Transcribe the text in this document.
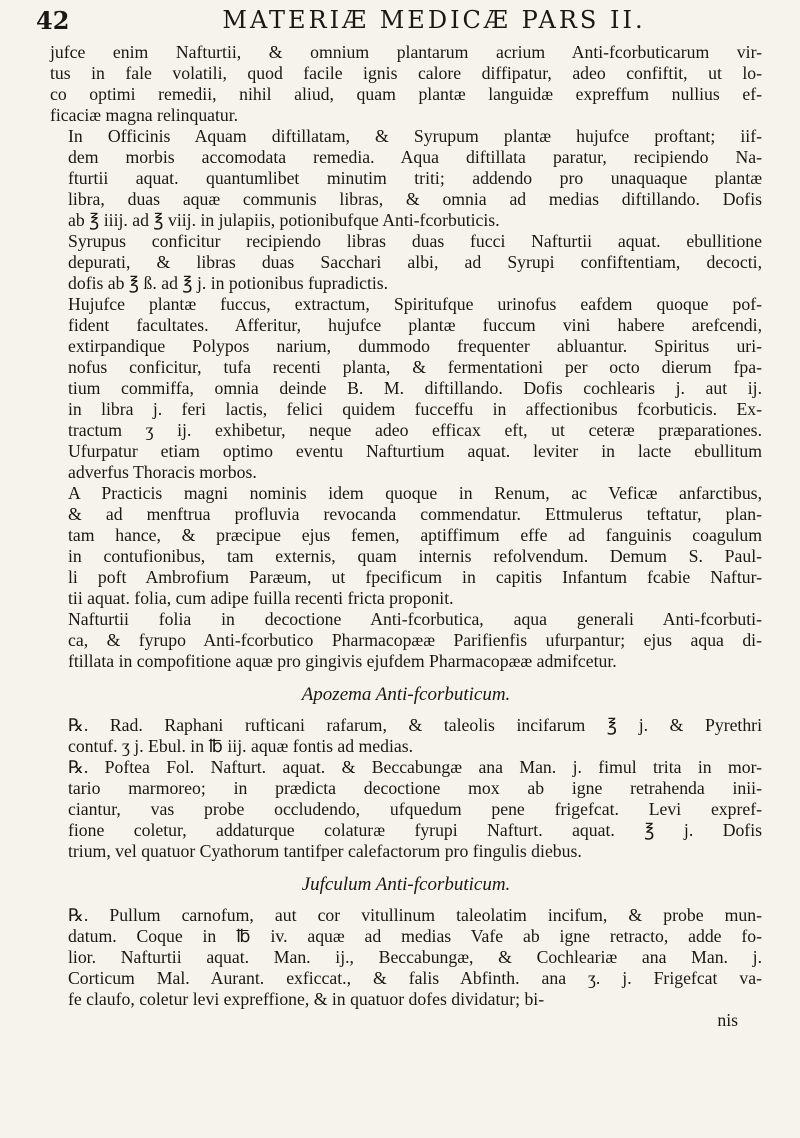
42	MATERIÆ MEDICÆ PARS II.
jufce enim Nafturtii, & omnium plantarum acrium Anti-fcorbuticarum vir-
tus in fale volatili, quod facile ignis calore diffipatur, adeo confiftit, ut lo-
co optimi remedii, nihil aliud, quam plantæ languidæ expreffum nullius ef-
ficaciæ magna relinquatur.
In Officinis Aquam diftillatam, & Syrupum plantæ hujufce proftant; iif-
dem morbis accomodata remedia. Aqua diftillata paratur, recipiendo Na-
fturtii aquat. quantumlibet minutim triti; addendo pro unaquaque plantæ
libra, duas aquæ communis libras, & omnia ad medias diftillando. Dofis
ab ℥ iiij. ad ℥ viij. in julapiis, potionibufque Anti-fcorbuticis.
Syrupus conficitur recipiendo libras duas fucci Nafturtii aquat. ebullitione
depurati, & libras duas Sacchari albi, ad Syrupi confiftentiam, decocti,
dofis ab ℥ ß. ad ℥ j. in potionibus fupradictis.
Hujufce plantæ fuccus, extractum, Spiritufque urinofus eafdem quoque pof-
fident facultates. Afferitur, hujufce plantæ fuccum vini habere arefcendi,
extirpandique Polypos narium, dummodo frequenter abluantur. Spiritus uri-
nofus conficitur, tufa recenti planta, & fermentationi per octo dierum fpa-
tium commiffa, omnia deinde B. M. diftillando. Dofis cochlearis j. aut ij.
in libra j. feri lactis, felici quidem fucceffu in affectionibus fcorbuticis. Ex-
tractum ʒ ij. exhibetur, neque adeo efficax eft, ut ceteræ præparationes.
Ufurpatur etiam optimo eventu Nafturtium aquat. leviter in lacte ebullitum
adverfus Thoracis morbos.
A Practicis magni nominis idem quoque in Renum, ac Veficæ anfarctibus,
& ad menftrua profluvia revocanda commendatur. Ettmulerus teftatur, plan-
tam hance, & præcipue ejus femen, aptiffimum effe ad fanguinis coagulum
in contufionibus, tam externis, quam internis refolvendum. Demum S. Paul-
li poft Ambrofium Paræum, ut fpecificum in capitis Infantum fcabie Naftur-
tii aquat. folia, cum adipe fuilla recenti fricta proponit.
Nafturtii folia in decoctione Anti-fcorbutica, aqua generali Anti-fcorbuti-
ca, & fyrupo Anti-fcorbutico Pharmacopææ Parifienfis ufurpantur; ejus aqua di-
ftillata in compofitione aquæ pro gingivis ejufdem Pharmacopææ admifcetur.
Apozema Anti-fcorbuticum.
℞. Rad. Raphani rufticani rafarum, & taleolis incifarum ℥ j. & Pyrethri
contuf. ʒ j. Ebul. in ℔ iij. aquæ fontis ad medias.
℞. Poftea Fol. Nafturt. aquat. & Beccabungæ ana Man. j. fimul trita in mor-
tario marmoreo; in prædicta decoctione mox ab igne retrahenda inii-
ciantur, vas probe occludendo, ufquedum pene frigefcat. Levi expref-
fione coletur, addaturque colaturæ fyrupi Nafturt. aquat. ℥ j. Dofis
trium, vel quatuor Cyathorum tantifper calefactorum pro fingulis diebus.
Jufculum Anti-fcorbuticum.
℞. Pullum carnofum, aut cor vitullinum taleolatim incifum, & probe mun-
datum. Coque in ℔ iv. aquæ ad medias Vafe ab igne retracto, adde fo-
lior. Nafturtii aquat. Man. ij., Beccabungæ, & Cochleariæ ana Man. j.
Corticum Mal. Aurant. exficcat., & falis Abfinth. ana ʒ. j. Frigefcat va-
fe claufo, coletur levi expreffione, & in quatuor dofes dividatur; bi-
nis
